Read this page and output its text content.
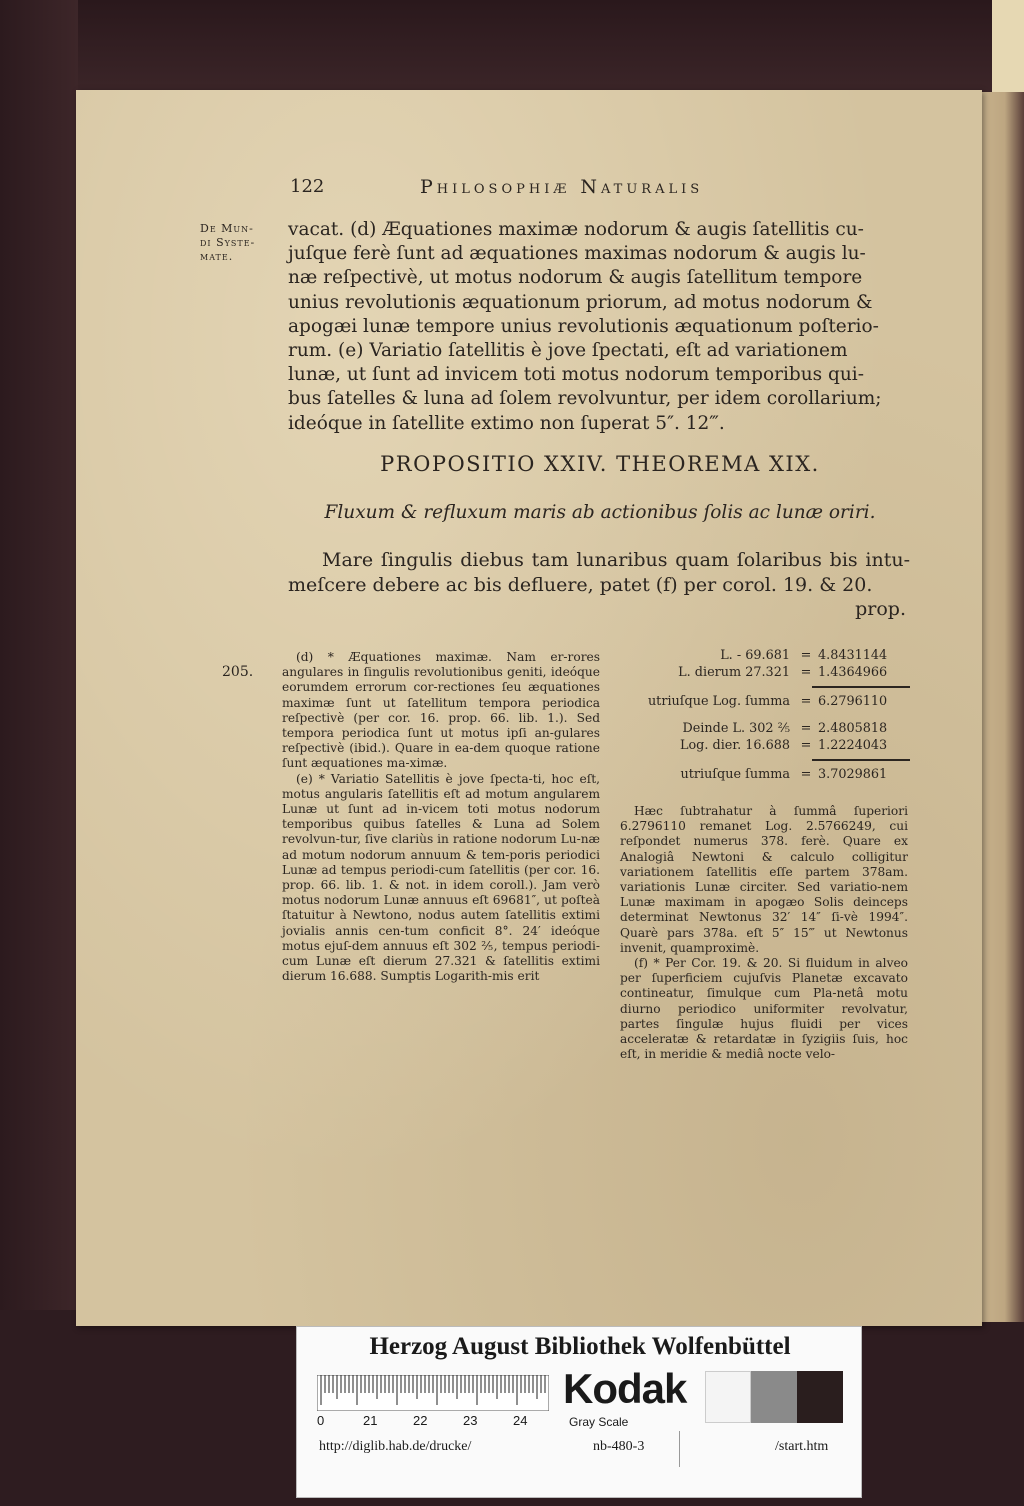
122	Philosophiæ Naturalis
De Mun-
di Syste-
mate.

vacat. (d) Æquationes maximæ nodorum & augis ſatellitis cu-

juſque ferè ſunt ad æquationes maximas nodorum & augis lu-

næ reſpectivè, ut motus nodorum & augis ſatellitum tempore

unius revolutionis æquationum priorum, ad motus nodorum &

apogæi lunæ tempore unius revolutionis æquationum poſterio-

rum. (e) Variatio ſatellitis è jove ſpectati, eſt ad variationem

lunæ, ut ſunt ad invicem toti motus nodorum temporibus qui-

bus ſatelles & luna ad ſolem revolvuntur, per idem corollarium;

ideóque in ſatellite extimo non ſuperat 5″. 12‴.

PROPOSITIO XXIV. THEOREMA XIX.
Fluxum & refluxum maris ab actionibus ſolis ac lunæ oriri.
Mare ſingulis diebus tam lunaribus quam ſolaribus bis intu-meſcere debere ac bis defluere, patet (f) per corol. 19. & 20.
prop.
205.

(d) * Æquationes maximæ. Nam er-rores angulares in ſingulis revolutionibus geniti, ideóque eorumdem errorum cor-rectiones ſeu æquationes maximæ ſunt ut ſatellitum tempora periodica reſpectivè (per cor. 16. prop. 66. lib. 1.). Sed tempora periodica ſunt ut motus ipſi an-gulares reſpectivè (ibid.). Quare in ea-dem quoque ratione ſunt æquationes ma-ximæ.

(e) * Variatio Satellitis è jove ſpecta-ti, hoc eſt, motus angularis ſatellitis eſt ad motum angularem Lunæ ut ſunt ad in-vicem toti motus nodorum temporibus quibus ſatelles & Luna ad Solem revolvun-tur, ſive clariùs in ratione nodorum Lu-næ ad motum nodorum annuum & tem-poris periodici Lunæ ad tempus periodi-cum ſatellitis (per cor. 16. prop. 66. lib. 1. & not. in idem coroll.). Jam verò motus nodorum Lunæ annuus eſt 69681″, ut poſteà ſtatuitur à Newtono, nodus autem ſatellitis extimi jovialis annis cen-tum conficit 8°. 24′ ideóque motus ejuſ-dem annuus eſt 302 ⅖, tempus periodi-cum Lunæ eſt dierum 27.321 & ſatellitis extimi dierum 16.688. Sumptis Logarith-mis erit

L. - 69.681 = 4.8431144
L. dierum 27.321 = 1.4364966
utriuſque Log. ſumma = 6.2796110
Deinde L. 302 ⅖ = 2.4805818
Log. dier. 16.688 = 1.2224043
utriuſque ſumma = 3.7029861

Hæc ſubtrahatur à ſummâ ſuperiori 6.2796110 remanet Log. 2.5766249, cui reſpondet numerus 378. ferè. Quare ex Analogiâ Newtoni & calculo colligitur variationem ſatellitis eſſe partem 378am. variationis Lunæ circiter. Sed variatio-nem Lunæ maximam in apogæo Solis deinceps determinat Newtonus 32′ 14″ ſi-vè 1994″. Quarè pars 378a. eſt 5″ 15‴ ut Newtonus invenit, quamproximè.

(f) * Per Cor. 19. & 20. Si fluidum in alveo per ſuperficiem cujuſvis Planetæ excavato contineatur, ſimulque cum Pla-netâ motu diurno periodico uniformiter revolvatur, partes ſingulæ hujus fluidi per vices acceleratæ & retardatæ in ſyzigiis ſuis, hoc eſt, in meridie & mediâ nocte velo-

Herzog August Bibliothek Wolfenbüttel
0	21	22	23	24
Kodak
Gray Scale
http://diglib.hab.de/drucke/	nb-480-3	/start.htm
